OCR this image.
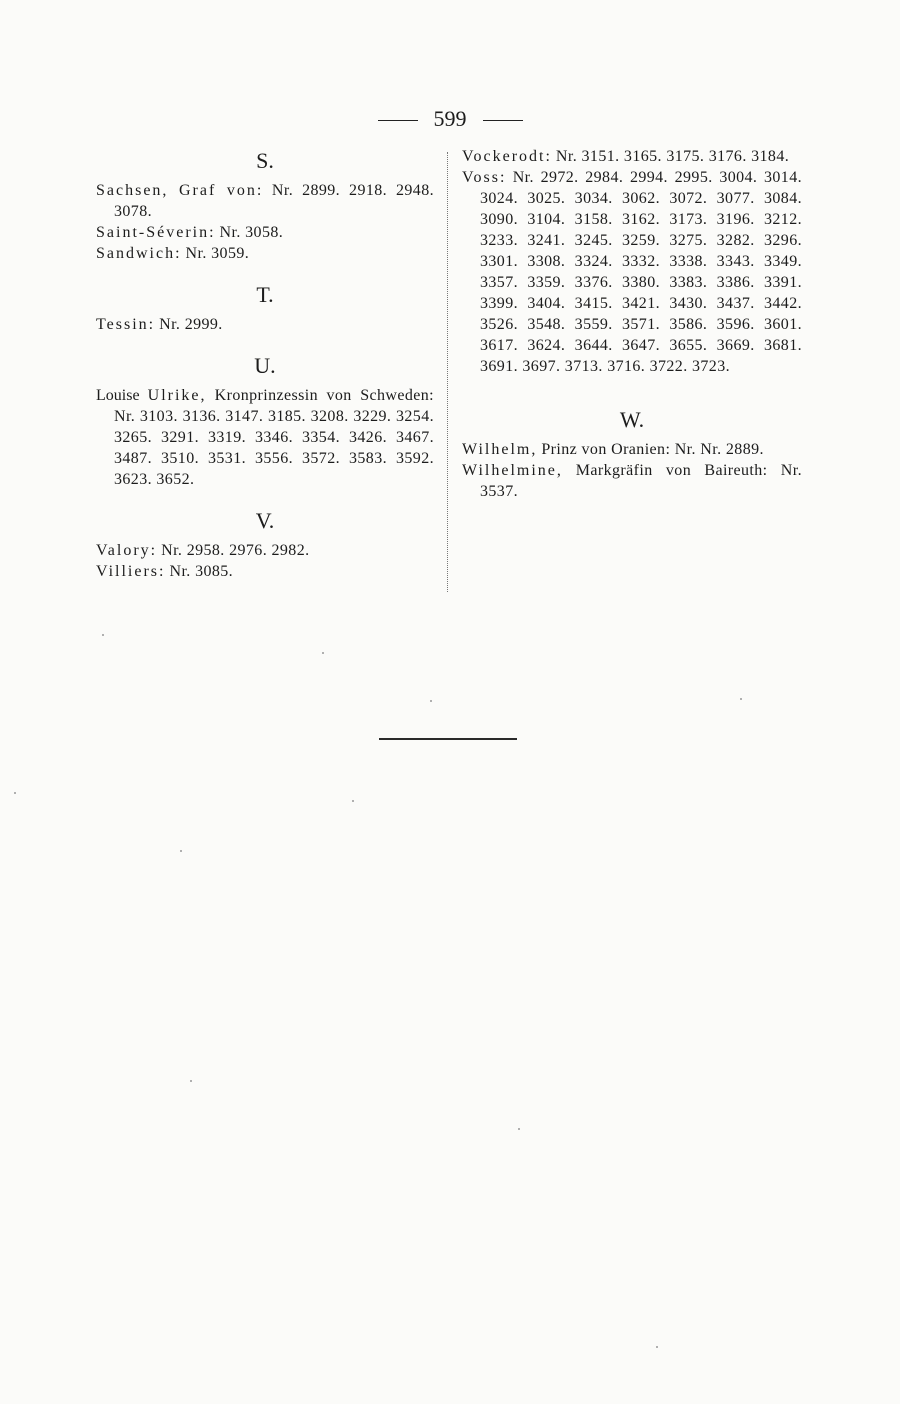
599
S.

Sachsen, Graf von: Nr. 2899. 2918. 2948. 3078.

Saint-Séverin: Nr. 3058.

Sandwich: Nr. 3059.

T.

Tessin: Nr. 2999.

U.

Louise Ulrike, Kronprinzessin von Schweden: Nr. 3103. 3136. 3147. 3185. 3208. 3229. 3254. 3265. 3291. 3319. 3346. 3354. 3426. 3467. 3487. 3510. 3531. 3556. 3572. 3583. 3592. 3623. 3652.

V.

Valory: Nr. 2958. 2976. 2982.

Villiers: Nr. 3085.

Vockerodt: Nr. 3151. 3165. 3175. 3176. 3184.

Voss: Nr. 2972. 2984. 2994. 2995. 3004. 3014. 3024. 3025. 3034. 3062. 3072. 3077. 3084. 3090. 3104. 3158. 3162. 3173. 3196. 3212. 3233. 3241. 3245. 3259. 3275. 3282. 3296. 3301. 3308. 3324. 3332. 3338. 3343. 3349. 3357. 3359. 3376. 3380. 3383. 3386. 3391. 3399. 3404. 3415. 3421. 3430. 3437. 3442. 3526. 3548. 3559. 3571. 3586. 3596. 3601. 3617. 3624. 3644. 3647. 3655. 3669. 3681. 3691. 3697. 3713. 3716. 3722. 3723.

W.

Wilhelm, Prinz von Oranien: Nr. Nr. 2889.

Wilhelmine, Markgräfin von Baireuth: Nr. 3537.
